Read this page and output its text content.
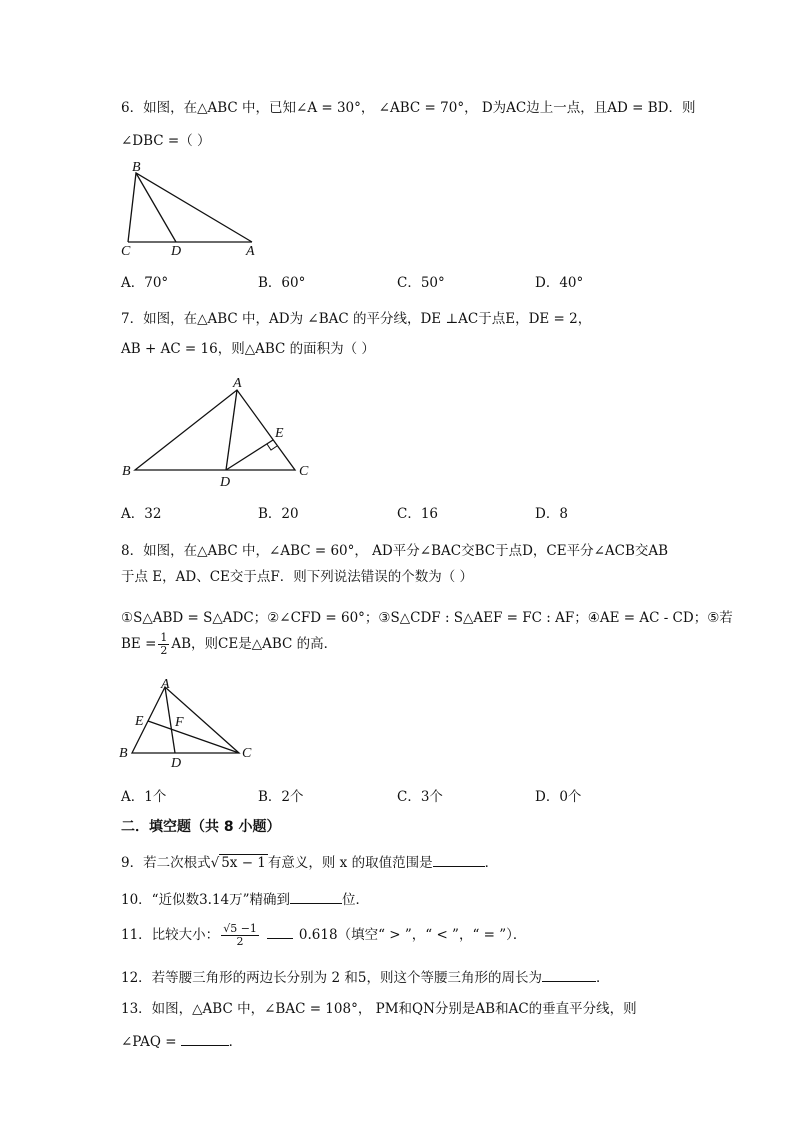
6．如图，在△ABC 中，已知∠A = 30°， ∠ABC = 70°， D为AC边上一点，且AD = BD．则
∠DBC =（ ）
B
C	D	A
A．70°	B．60°	C．50°	D．40°
7．如图，在△ABC 中，AD为 ∠BAC 的平分线，DE ⊥AC于点E，DE = 2，
AB + AC = 16，则△ABC 的面积为（ ）
A
E
B
D
C
A．32	B．20	C．16	D．8
8．如图，在△ABC 中，∠ABC = 60°， AD平分∠BAC交BC于点D，CE平分∠ACB交AB
于点 E，AD、CE交于点F．则下列说法错误的个数为（ ）
①S△ABD = S△ADC；②∠CFD = 60°；③S△CDF : S△AEF = FC : AF；④AE = AC - CD；⑤若
BE = $\frac{1}{2}$ AB，则CE是△ABC 的高．
A
E F
B
D
C
A．1个	B．2个	C．3个	D．0个
二．填空题（共 8 小题）
9．若二次根式√ 5x − 1 有意义，则 x 的取值范围是	．
10．“近似数3.14万”精确到	位．
11．比较大小： $\frac{√5 -1}{2}$	0.618（填空“ > ”，“ < ”，“ = ”）．
12．若等腰三角形的两边长分别为 2 和5，则这个等腰三角形的周长为	．
13．如图，△ABC 中，∠BAC = 108°， PM和QN分别是AB和AC的垂直平分线，则
∠PAQ =	．
